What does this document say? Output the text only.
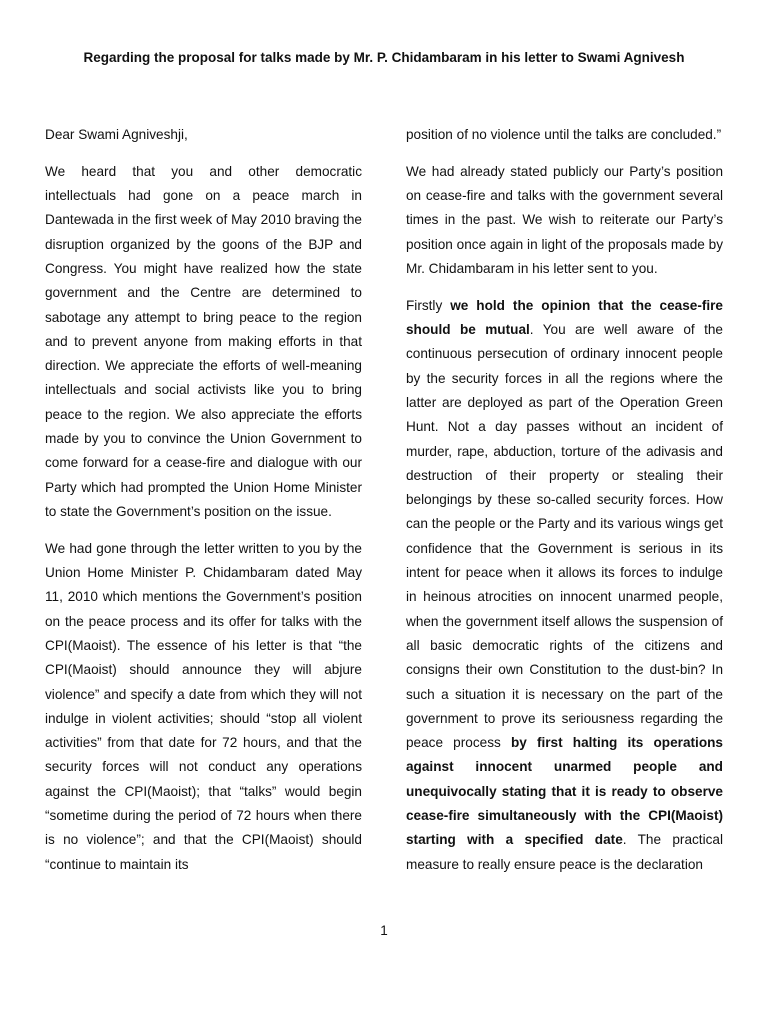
Regarding the proposal for talks made by Mr. P. Chidambaram in his letter to Swami Agnivesh

Dear Swami Agniveshji,

We heard that you and other democratic intellectuals had gone on a peace march in Dantewada in the first week of May 2010 braving the disruption organized by the goons of the BJP and Congress. You might have realized how the state government and the Centre are determined to sabotage any attempt to bring peace to the region and to prevent anyone from making efforts in that direction. We appreciate the efforts of well-meaning intellectuals and social activists like you to bring peace to the region. We also appreciate the efforts made by you to convince the Union Government to come forward for a cease-fire and dialogue with our Party which had prompted the Union Home Minister to state the Government’s position on the issue.

We had gone through the letter written to you by the Union Home Minister P. Chidambaram dated May 11, 2010 which mentions the Government’s position on the peace process and its offer for talks with the CPI(Maoist). The essence of his letter is that “the CPI(Maoist) should announce they will abjure violence” and specify a date from which they will not indulge in violent activities; should “stop all violent activities” from that date for 72 hours, and that the security forces will not conduct any operations against the CPI(Maoist); that “talks” would begin “sometime during the period of 72 hours when there is no violence”; and that the CPI(Maoist) should “continue to maintain its

position of no violence until the talks are concluded.”

We had already stated publicly our Party’s position on cease-fire and talks with the government several times in the past. We wish to reiterate our Party’s position once again in light of the proposals made by Mr. Chidambaram in his letter sent to you.

Firstly we hold the opinion that the cease-fire should be mutual. You are well aware of the continuous persecution of ordinary innocent people by the security forces in all the regions where the latter are deployed as part of the Operation Green Hunt. Not a day passes without an incident of murder, rape, abduction, torture of the adivasis and destruction of their property or stealing their belongings by these so-called security forces. How can the people or the Party and its various wings get confidence that the Government is serious in its intent for peace when it allows its forces to indulge in heinous atrocities on innocent unarmed people, when the government itself allows the suspension of all basic democratic rights of the citizens and consigns their own Constitution to the dust-bin? In such a situation it is necessary on the part of the government to prove its seriousness regarding the peace process by first halting its operations against innocent unarmed people and unequivocally stating that it is ready to observe cease-fire simultaneously with the CPI(Maoist) starting with a specified date. The practical measure to really ensure peace is the declaration

1
